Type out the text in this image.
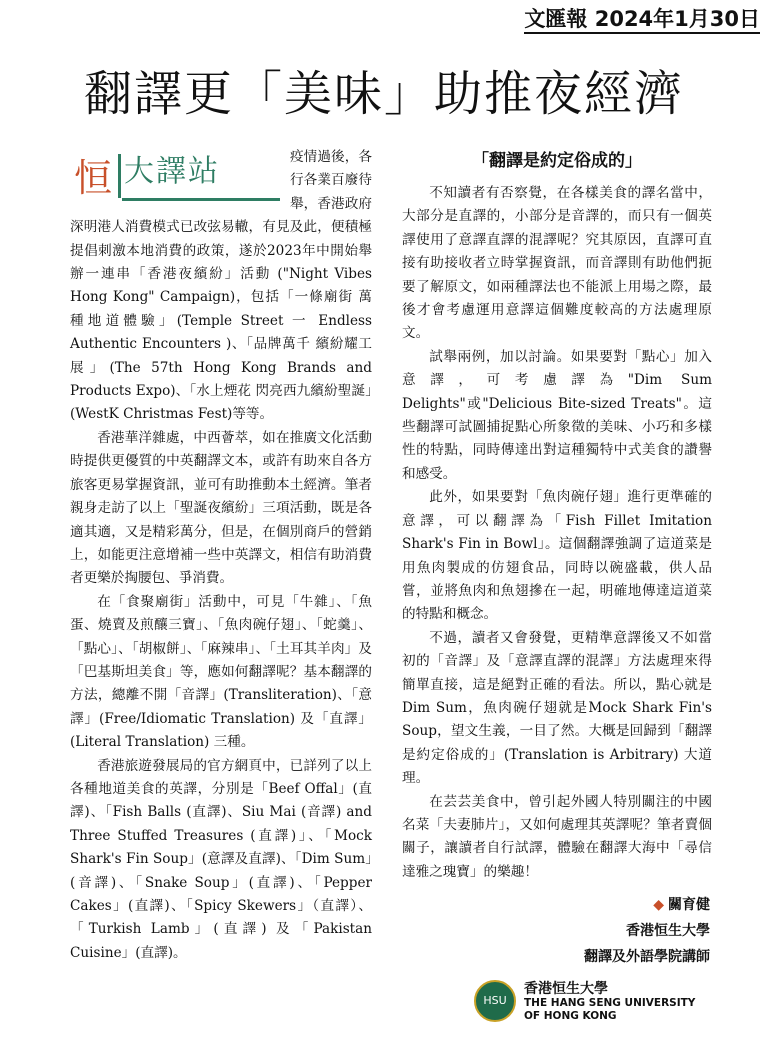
文匯報 2024年1月30日
翻譯更「美味」助推夜經濟
恒 大譯站	疫情過後，各行各業百廢待舉，香港政府深明港人消費模式已改弦易轍，有見及此，便積極提倡刺激本地消費的政策，遂於2023年中開始舉辦一連串「香港夜繽紛」活動 ("Night Vibes Hong Kong" Campaign)，包括「一條廟街 萬種地道體驗」(Temple Street 一 Endless Authentic Encounters )、「品牌萬千 繽紛耀工展」(The 57th Hong Kong Brands and Products Expo)、「水上煙花 閃亮西九繽紛聖誕」(WestK Christmas Fest)等等。

香港華洋雜處，中西薈萃，如在推廣文化活動時提供更優質的中英翻譯文本，或許有助來自各方旅客更易掌握資訊，並可有助推動本土經濟。筆者親身走訪了以上「聖誕夜繽紛」三項活動，既是各適其適，又是精彩萬分，但是，在個別商戶的營銷上，如能更注意增補一些中英譯文，相信有助消費者更樂於掏腰包、爭消費。

在「食聚廟街」活動中，可見「牛雜」、「魚蛋、燒賣及煎釀三寶」、「魚肉碗仔翅」、「蛇羹」、「點心」、「胡椒餅」、「麻辣串」、「土耳其羊肉」及「巴基斯坦美食」等，應如何翻譯呢？基本翻譯的方法，總離不開「音譯」(Transliteration)、「意譯」(Free/Idiomatic Translation) 及「直譯」(Literal Translation) 三種。

香港旅遊發展局的官方網頁中，已詳列了以上各種地道美食的英譯，分別是「Beef Offal」(直譯)、「Fish Balls (直譯)、Siu Mai (音譯) and Three Stuffed Treasures (直譯)」、「Mock Shark's Fin Soup」(意譯及直譯)、「Dim Sum」(音譯)、「Snake Soup」(直譯)、「Pepper Cakes」(直譯)、「Spicy Skewers」（直譯）、「Turkish Lamb」(直譯) 及「Pakistan Cuisine」(直譯)。

「翻譯是約定俗成的」

不知讀者有否察覺，在各樣美食的譯名當中，大部分是直譯的，小部分是音譯的，而只有一個英譯使用了意譯直譯的混譯呢？究其原因，直譯可直接有助接收者立時掌握資訊，而音譯則有助他們扼要了解原文，如兩種譯法也不能派上用場之際，最後才會考慮運用意譯這個難度較高的方法處理原文。

試舉兩例，加以討論。如果要對「點心」加入意譯，可考慮譯為"Dim Sum Delights"或"Delicious Bite-sized Treats"。這些翻譯可試圖捕捉點心所象徵的美味、小巧和多樣性的特點，同時傳達出對這種獨特中式美食的讚譽和感受。

此外，如果要對「魚肉碗仔翅」進行更準確的意譯，可以翻譯為「Fish Fillet Imitation Shark's Fin in Bowl」。這個翻譯強調了這道菜是用魚肉製成的仿翅食品，同時以碗盛載，供人品嘗，並將魚肉和魚翅摻在一起，明確地傳達這道菜的特點和概念。

不過，讀者又會發覺，更精準意譯後又不如當初的「音譯」及「意譯直譯的混譯」方法處理來得簡單直接，這是絕對正確的看法。所以，點心就是Dim Sum，魚肉碗仔翅就是Mock Shark Fin's Soup，望文生義，一目了然。大概是回歸到「翻譯是約定俗成的」(Translation is Arbitrary) 大道理。

在芸芸美食中，曾引起外國人特別關注的中國名菜「夫妻肺片」，又如何處理其英譯呢？筆者賣個關子，讓讀者自行試譯，體驗在翻譯大海中「尋信達雅之瑰寶」的樂趣！

◆ 關育健
香港恒生大學
翻譯及外語學院講師
HSU
香港恒生大學
THE HANG SENG UNIVERSITY
OF HONG KONG
